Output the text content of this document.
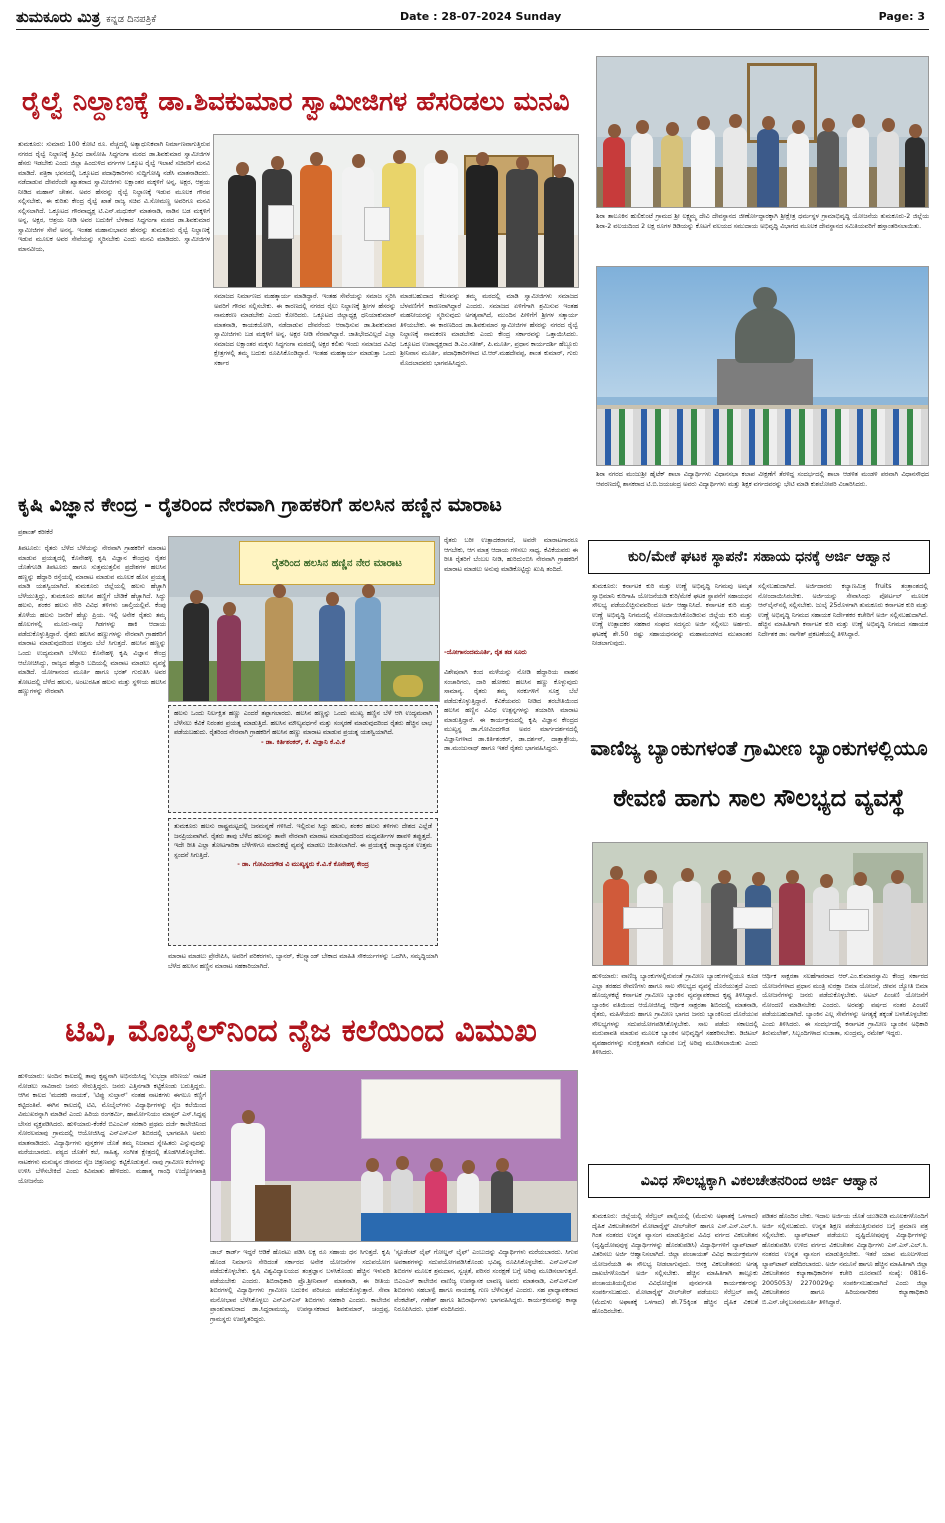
ತುಮಕೂರು ಮಿತ್ರ ಕನ್ನಡ ದಿನಪತ್ರಿಕೆ	Date : 28-07-2024 Sunday	Page: 3
ರೈಲ್ವೆ ನಿಲ್ದಾಣಕ್ಕೆ ಡಾ.ಶಿವಕುಮಾರ ಸ್ವಾಮೀಜಿಗಳ ಹೆಸರಿಡಲು ಮನವಿ
ತುಮಕೂರು: ಸುಮಾರು 100 ಕೋಟಿ ರೂ. ವೆಚ್ಚದಲ್ಲಿ ಅತ್ಯಾಧುನಿಕವಾಗಿ ನಿರ್ಮಾಣವಾಗುತ್ತಿರುವ ನಗರದ ರೈಲ್ವೆ ನಿಲ್ದಾಣಕ್ಕೆ ತ್ರಿವಿಧ ದಾಸೋಹಿ ಸಿದ್ಧಗಂಗಾ ಮಠದ ಡಾ.ಶಿವಕುಮಾರ ಸ್ವಾಮೀಜಿಗಳ ಹೆಸರು ಇಡಬೇಕು ಎಂದು ಜಿಲ್ಲಾ ಹಿಂದುಳಿದ ವರ್ಗಗಳ ಒಕ್ಕೂಟ ರೈಲ್ವೆ ಇಲಾಖೆ ಸಚಿವರಿಗೆ ಮನವಿ ಮಾಡಿದೆ. ಪತ್ರಿಕಾ ಭವನದಲ್ಲಿ ಒಕ್ಕೂಟದ ಪದಾಧಿಕಾರಿಗಳು ಸುದ್ದಿಗೋಷ್ಠಿ ನಡೆಸಿ ಮಾತನಾಡಿದರು. ನಡೆದಾಡುವ ದೇವರೆಂದೇ ಖ್ಯಾತರಾದ ಸ್ವಾಮೀಜಿಗಳು ಲಕ್ಷಾಂತರ ಮಕ್ಕಳಿಗೆ ಅನ್ನ, ಅಕ್ಷರ, ಆಶ್ರಯ ನೀಡಿದ ಮಹಾನ್ ಚೇತನ. ಅವರ ಹೆಸರನ್ನು ರೈಲ್ವೆ ನಿಲ್ದಾಣಕ್ಕೆ ಇಡುವ ಮೂಲಕ ಗೌರವ ಸಲ್ಲಿಸಬೇಕು, ಈ ಕುರಿತು ಕೇಂದ್ರ ರೈಲ್ವೆ ಖಾತೆ ರಾಜ್ಯ ಸಚಿವ ವಿ.ಸೋಮಣ್ಣ ಅವರಿಗೂ ಮನವಿ ಸಲ್ಲಿಸಲಾಗಿದೆ. ಒಕ್ಕೂಟದ ಗೌರವಾಧ್ಯಕ್ಷ ಟಿ.ಎನ್.ಮಧುಕರ್ ಮಾತನಾಡಿ, ನಾಡಿನ ಬಡ ಮಕ್ಕಳಿಗೆ ಅನ್ನ, ಅಕ್ಷರ, ಆಶ್ರಯ ನೀಡಿ ಅವರ ಬದುಕಿಗೆ ಬೆಳಕಾದ ಸಿದ್ಧಗಂಗಾ ಮಠದ ಡಾ.ಶಿವಕುಮಾರ ಸ್ವಾಮೀಜಿಗಳ ಸೇವೆ ಅನನ್ಯ. ಇಂತಹ ಮಹಾನುಭಾವರ ಹೆಸರನ್ನು ತುಮಕೂರು ರೈಲ್ವೆ ನಿಲ್ದಾಣಕ್ಕೆ ಇಡುವ ಮೂಲಕ ಅವರ ಸೇವೆಯನ್ನು ಸ್ಮರಿಸಬೇಕು ಎಂದು ಮನವಿ ಮಾಡಿದರು. ಸ್ವಾಮೀಜಿಗಳ ಮಾನವೀಯ,
ಸಮಾಜದ ನಿರ್ಮಾಣದ ಮಹತ್ಕಾರ್ಯ ಮಾಡಿದ್ದಾರೆ. ಇಂತಹ ಸೇವೆಯನ್ನು ಸಮಾಜ ಸ್ಮರಿಸಿ ಅವರಿಗೆ ಗೌರವ ಸಲ್ಲಿಸಬೇಕು. ಈ ಕಾರಣದಲ್ಲಿ ನಗರದ ರೈಲು ನಿಲ್ದಾಣಕ್ಕೆ ಶ್ರೀಗಳ ಹೆಸರನ್ನು ನಾಮಕರಣ ಮಾಡಬೇಕು ಎಂದು ಕೋರಿದರು. ಒಕ್ಕೂಟದ ಜಿಲ್ಲಾಧ್ಯಕ್ಷ ಧನಿಯಾಕುಮಾರ್ ಮಾತನಾಡಿ, ಕಾಯಕಯೋಗಿ, ನಡೆದಾಡುವ ದೇವರೆಂದು ಆರಾಧಿಸುವ ಡಾ.ಶಿವಕುಮಾರ ಸ್ವಾಮೀಜಿಗಳು ಬಡ ಮಕ್ಕಳಿಗೆ ಅನ್ನ, ಅಕ್ಷರ ನೀಡಿ ನೆರವಾಗಿದ್ದಾರೆ. ಜಾತಿಭೇದವಿಲ್ಲದೆ ಎಲ್ಲಾ ಸಮಾಜದ ಲಕ್ಷಾಂತರ ಮಕ್ಕಳು ಸಿದ್ಧಗಂಗಾ ಮಠದಲ್ಲಿ ಅಕ್ಷರ ಕಲಿತು ಇಂದು ಸಮಾಜದ ವಿವಿಧ ಕ್ಷೇತ್ರಗಳಲ್ಲಿ ತಮ್ಮ ಬದುಕು ರೂಪಿಸಿಕೊಂಡಿದ್ದಾರೆ. ಇಂತಹ ಮಹತ್ಕಾರ್ಯ ಮಾಡುತ್ತಾ ಒಂದು ಸರ್ಕಾರ
ಮಾಡಬಹುದಾದ ಕೆಲಸವನ್ನು ತಮ್ಮ ಮಠದಲ್ಲಿ ಮಾಡಿ ಸ್ವಾಮೀಜಿಗಳು ಸಮಾಜದ ಬೆಳವಣಿಗೆಗೆ ಕಾರಣರಾಗಿದ್ದಾರೆ ಎಂದರು. ಸಮಾಜದ ಏಳಿಗೆಗಾಗಿ ಶ್ರಮಿಸುವ ಇಂತಹ ಮಹನೀಯರನ್ನು ಸ್ಮರಿಸುವುದು ಅಗತ್ಯವಾಗಿದೆ, ಮುಂದಿನ ಪೀಳಿಗೆಗೆ ಶ್ರೀಗಳ ಸತ್ಕಾರ್ಯ ತಿಳಿಯಬೇಕು. ಈ ಕಾರಣದಿಂದ ಡಾ.ಶಿವಕುಮಾರ ಸ್ವಾಮೀಜಿಗಳ ಹೆಸರನ್ನು ನಗರದ ರೈಲ್ವೆ ನಿಲ್ದಾಣಕ್ಕೆ ನಾಮಕರಣ ಮಾಡಬೇಕು ಎಂದು ಕೇಂದ್ರ ಸರ್ಕಾರವನ್ನು ಒತ್ತಾಯಿಸಿದರು. ಒಕ್ಕೂಟದ ಉಪಾಧ್ಯಕ್ಷರಾದ ಡಿ.ಎಂ.ಸತೀಶ್, ಪಿ.ಮೂರ್ತಿ, ಪ್ರಧಾನ ಕಾರ್ಯದರ್ಶಿ ಹೆಬ್ಬೂರು ಶ್ರೀನಿವಾಸ ಮೂರ್ತಿ, ಪದಾಧಿಕಾರಿಗಳಾದ ಟಿ.ಆರ್.ಮಹದೇವಪ್ಪ, ಶಾಂತ ಕುಮಾರ್, ಗುರು ಮೊದಲಾದವರು ಭಾಗವಹಿಸಿದ್ದರು.
ಶಿರಾ ತಾಲೂಕಿನ ಹುಲಿಕುಂಟೆ ಗ್ರಾಮದ ಶ್ರೀ ಲಕ್ಷ್ಮಮ್ಮ ದೇವಿ ದೇವಸ್ಥಾನದ ಜೀರ್ಣೋದ್ಧಾರಕ್ಕಾಗಿ ಶ್ರೀಕ್ಷೇತ್ರ ಧರ್ಮಸ್ಥಳ ಗ್ರಾಮಾಭಿವೃದ್ಧಿ ಯೋಜನೆಯ ತುಮಕೂರು-2 ಜಿಲ್ಲೆಯ ಶಿರಾ-2 ವಲಯದಿಂದ 2 ಲಕ್ಷ ರೂಗಳ ಡಿಡಿಯನ್ನು ಕೊಟಗೆ ವಲಯದ ಸಮುದಾಯ ಅಭಿವೃದ್ಧಿ ವಿಭಾಗದ ಮೂಲಕ ದೇವಸ್ಥಾನದ ಸಮಿತಿಯವರಿಗೆ ಹಸ್ತಾಂತರಿಸಲಾಯಿತು.
ಶಿರಾ ನಗರದ ಮಂಜುಶ್ರೀ ಹೈಟೆಕ್ ಶಾಲಾ ವಿದ್ಯಾರ್ಥಿಗಳು ವಿಧಾನಸಭಾ ಕಲಾಪ ವೀಕ್ಷಣೆಗೆ ತೆರಳಿದ್ದ ಸಂದರ್ಭದಲ್ಲಿ ಶಾಲಾ ಆಡಳಿತ ಮಂಡಳಿ ಪರವಾಗಿ ವಿಧಾನಸೌಧದ ಆವರಣದಲ್ಲಿ ಶಾಸಕರಾದ ಟಿ.ಬಿ.ಜಯಚಂದ್ರ ಅವರು ವಿದ್ಯಾರ್ಥಿಗಳು ಮತ್ತು ಶಿಕ್ಷಕ ವರ್ಗದವರನ್ನು ಭೇಟಿ ಮಾಡಿ ಕುಶಲೋಪರಿ ವಿಚಾರಿಸಿದರು.
ಕೃಷಿ ವಿಜ್ಞಾನ ಕೇಂದ್ರ - ರೈತರಿಂದ ನೇರವಾಗಿ ಗ್ರಾಹಕರಿಗೆ ಹಲಸಿನ ಹಣ್ಣಿನ ಮಾರಾಟ
ಪ್ರಶಾಂತ್ ಕರೀಕೆರೆ
ತಿಪಟೂರು: ರೈತರು ಬೆಳೆದ ಬೆಳೆಯನ್ನು ನೇರವಾಗಿ ಗ್ರಾಹಕರಿಗೆ ಮಾರಾಟ ಮಾಡುವ ಪ್ರಯತ್ನದಲ್ಲಿ ಕೊನೇಹಳ್ಳಿ ಕೃಷಿ ವಿಜ್ಞಾನ ಕೇಂದ್ರವು ರೈತರ ಜೊತೆಗೂಡಿ ತಿಪಟೂರು ಹಾಗೂ ಸುತ್ತಮುತ್ತಲಿನ ಪ್ರದೇಶಗಳ ಹಲಸಿನ ಹಣ್ಣನ್ನು ಹೆದ್ದಾರಿ ರಸ್ತೆಯಲ್ಲಿ ಮಾರಾಟ ಮಾಡುವ ಮೂಲಕ ಹೊಸ ಪ್ರಯತ್ನ ಮಾಡಿ ಯಶಸ್ವಿಯಾಗಿದೆ. ತುಮಕೂರು ಜಿಲ್ಲೆಯಲ್ಲಿ ಹಲಸು ಹೆಚ್ಚಾಗಿ ಬೆಳೆಯುತ್ತಿದ್ದು, ತುಮಕೂರು ಹಲಸಿನ ಹಣ್ಣಿಗೆ ಬೇಡಿಕೆ ಹೆಚ್ಚಾಗಿದೆ. ಸಿದ್ದು ಹಲಸು, ಶಂಕರ ಹಲಸು ಸೇರಿ ವಿವಿಧ ತಳಿಗಳು ಚಾಲ್ತಿಯಲ್ಲಿವೆ. ಕೆಂಪು ತೊಳೆಯ ಹಲಸು ಜನರಿಗೆ ಹೆಚ್ಚು ಪ್ರಿಯ. ಇಲ್ಲಿ ಅನೇಕ ರೈತರು ತಮ್ಮ ಹೊಲಗಳಲ್ಲಿ ಮೂರು-ನಾಲ್ಕು ಗಿಡಗಳನ್ನು ಹಾಕಿ ಆದಾಯ ಪಡೆದುಕೊಳ್ಳುತ್ತಿದ್ದಾರೆ. ರೈತರು ಹಲಸಿನ ಹಣ್ಣುಗಳನ್ನು ನೇರವಾಗಿ ಗ್ರಾಹಕರಿಗೆ ಮಾರಾಟ ಮಾಡುವುದರಿಂದ ಉತ್ತಮ ಬೆಲೆ ಸಿಗುತ್ತದೆ. ಹಲಸಿನ ಹಣ್ಣನ್ನು ಒಂದು ಉದ್ಯಮವಾಗಿ ಬೆಳೆಸಲು ಕೊನೇಹಳ್ಳಿ ಕೃಷಿ ವಿಜ್ಞಾನ ಕೇಂದ್ರ ಆಲೋಚಿಸಿದ್ದು, ರಾಜ್ಯದ ಹೆದ್ದಾರಿ ಬದಿಯಲ್ಲಿ ಮಾರಾಟ ಮಾಡಲು ವ್ಯವಸ್ಥೆ ಮಾಡಿದೆ. ಯೋಗಾನಂದ ಮೂರ್ತಿ ಹಾಗೂ ಭರತ್ ಗುರುತಿಸಿ ಅವರ ತೋಟದಲ್ಲಿ ಬೆಳೆದ ಹಲಸು, ಅಂಟುರಹಿತ ಹಲಸು ಮತ್ತು ಸ್ಥಳೀಯ ಹಲಸಿನ ಹಣ್ಣುಗಳನ್ನು ನೇರವಾಗಿ
ರೈತರಿಂದ ಹಲಸಿನ ಹಣ್ಣಿನ ನೇರ ಮಾರಾಟ
ರೈತರು ಬರೀ ಉತ್ಪಾದಕರಾಗದೆ, ಅವರೇ ಮಾರಾಟಗಾರರೂ ಆಗಬೇಕು, ಆಗ ಮಾತ್ರ ಆದಾಯ ಗಳಿಸಲು ಸಾಧ್ಯ. ಕೆವಿಕೆಯವರು ಈ ರೀತಿ ರೈತರಿಗೆ ಬೆಂಬಲ ನೀಡಿ, ಹುರಿದುಂಬಿಸಿ ನೇರವಾಗಿ ಗ್ರಾಹಕರಿಗೆ ಮಾರಾಟ ಮಾಡಲು ಅನುವು ಮಾಡಿಕೊಟ್ಟಿದ್ದು ಖುಷಿ ತಂದಿದೆ.
-ಯೋಗಾನಂದಮೂರ್ತಿ, ರೈತ ತಡ ಸೂರು
ಹಲಸು ಒಂದು ನಿರ್ಲಕ್ಷಿತ ಹಣ್ಣು ಎಂದರೆ ತಪ್ಪಾಗಲಾರದು. ಹಲಸಿನ ಹಣ್ಣನ್ನು ಒಂದು ಮುಖ್ಯ ಹಣ್ಣಿನ ಬೆಳೆ ಆಗಿ ಉದ್ಯಮವಾಗಿ ಬೆಳೆಸಲು ಕೆವಿಕೆ ನಿರಂತರ ಪ್ರಯತ್ನ ಮಾಡುತ್ತಿದೆ. ಹಲಸಿನ ಮೌಲ್ಯವರ್ಧನೆ ಮತ್ತು ಸಂಸ್ಕರಣೆ ಮಾಡುವುದರಿಂದ ರೈತರು ಹೆಚ್ಚಿನ ಲಾಭ ಪಡೆಯಬಹುದು. ರೈತರಿಂದ ನೇರವಾಗಿ ಗ್ರಾಹಕರಿಗೆ ಹಲಸಿನ ಹಣ್ಣು ಮಾರಾಟ ಮಾಡುವ ಪ್ರಯತ್ನ ಯಶಸ್ವಿಯಾಗಿದೆ.
- ಡಾ. ಕಿರ್ತಿಶಂಕರ್, ಕೆ. ವಿಜ್ಞಾನಿ ಕೆ.ವಿ.ಕೆ
ತುಮಕೂರು ಹಲಸು ರಾಷ್ಟ್ರಮಟ್ಟದಲ್ಲಿ ಜನಮನ್ನಣೆ ಗಳಿಸಿದೆ. ಇಲ್ಲಿರುವ ಸಿದ್ದು ಹಲಸು, ಶಂಕರ ಹಲಸು ತಳಿಗಳು ದೇಶದ ಎಲ್ಲೆಡೆ ಜನಪ್ರಿಯವಾಗಿವೆ. ರೈತರು ತಾವು ಬೆಳೆದ ಹಲಸನ್ನು ತಾವೇ ನೇರವಾಗಿ ಮಾರಾಟ ಮಾಡುವುದರಿಂದ ಮಧ್ಯವರ್ತಿಗಳ ಹಾವಳಿ ತಪ್ಪುತ್ತದೆ. ಇದೇ ರೀತಿ ಎಲ್ಲಾ ತೋಟಗಾರಿಕಾ ಬೆಳೆಗಳಿಗೂ ಮಾರುಕಟ್ಟೆ ವ್ಯವಸ್ಥೆ ಮಾಡಲು ಚಿಂತಿಸಲಾಗಿದೆ. ಈ ಪ್ರಯತ್ನಕ್ಕೆ ರಾಜ್ಯಾದ್ಯಂತ ಉತ್ತಮ ಸ್ಪಂದನೆ ಸಿಗುತ್ತಿದೆ.
- ಡಾ. ಗೋವಿಂದಗೌಡ ವಿ ಮುಖ್ಯಸ್ಥರು ಕೆ.ವಿ.ಕೆ ಕೊನೇಹಳ್ಳಿ ಕೇಂದ್ರ
ವಿಶೇಷವಾಗಿ ಕಂದ ಮಳೆಯನ್ನು ನೋಡಿ ಹೆದ್ದಾರಿಯ ವಾಹನ ಸಂಚಾರಿಗರು, ದಾರಿ ಹೋಕರು ಹಲಸಿನ ಹಣ್ಣು ಕೊಳ್ಳುವುದು ಸಾಮಾನ್ಯ. ರೈತರು ತಮ್ಮ ಸರಕುಗಳಿಗೆ ಸೂಕ್ತ ಬೆಲೆ ಪಡೆದುಕೊಳ್ಳುತ್ತಿದ್ದಾರೆ. ಕೆವಿಕೆಯವರು ನೀಡಿದ ತರಬೇತಿಯಿಂದ ಹಲಸಿನ ಹಣ್ಣಿನ ವಿವಿಧ ಉತ್ಪನ್ನಗಳನ್ನು ತಯಾರಿಸಿ ಮಾರಾಟ ಮಾಡುತ್ತಿದ್ದಾರೆ. ಈ ಕಾರ್ಯಕ್ರಮದಲ್ಲಿ ಕೃಷಿ ವಿಜ್ಞಾನ ಕೇಂದ್ರದ ಮುಖ್ಯಸ್ಥ ಡಾ.ಗೋವಿಂದಗೌಡ ಅವರ ಮಾರ್ಗದರ್ಶನದಲ್ಲಿ ವಿಜ್ಞಾನಿಗಳಾದ ಡಾ.ಕಿರ್ತಿಶಂಕರ್, ಡಾ.ದರ್ಶನ್, ದಾತ್ತಾತ್ರೇಯ, ಡಾ.ಮಂಜುನಾಥ್ ಹಾಗೂ ಇತರೆ ರೈತರು ಭಾಗವಹಿಸಿದ್ದರು.
ಮಾರಾಟ ಮಾಡಲು ಪ್ರೇರೇಪಿಸಿ, ಅವರಿಗೆ ಪರಿಕರಗಳು, ಬ್ಯಾನರ್, ಕೆಲಸ್ಟ್ಯಾಂಡ್ ಬೇಕಾದ ಮಾಹಿತಿ ಸೌಕರ್ಯಗಳನ್ನು ಒದಗಿಸಿ, ಸಮೃದ್ಧಿಯಾಗಿ ಬೆಳೆದ ಹಲಸಿನ ಹಣ್ಣಿನ ಮಾರಾಟ ಸಹಕಾರಿಯಾಗಿದೆ.
ಕುರಿ/ಮೇಕೆ ಘಟಕ ಸ್ಥಾಪನೆ: ಸಹಾಯ ಧನಕ್ಕೆ ಅರ್ಜಿ ಆಹ್ವಾನ
ತುಮಕೂರು: ಕರ್ನಾಟಕ ಕುರಿ ಮತ್ತು ಉಣ್ಣೆ ಅಭಿವೃದ್ಧಿ ನಿಗಮವು ಅಮೃತ ಸ್ವಾಭಿಮಾನಿ ಕುರಿಗಾಹಿ ಯೋಜನೆಯಡಿ ಕುರಿ/ಮೇಕೆ ಘಟಕ ಸ್ಥಾಪನೆಗೆ ಸಹಾಯಧನ ಸೌಲಭ್ಯ ಪಡೆಯಲಿಚ್ಛಿಸುವವರಿಂದ ಅರ್ಜಿ ಆಹ್ವಾನಿಸಿದೆ. ಕರ್ನಾಟಕ ಕುರಿ ಮತ್ತು ಉಣ್ಣೆ ಅಭಿವೃದ್ಧಿ ನಿಗಮದಲ್ಲಿ ನೋಂದಾಯಿಸಿಕೊಂಡಿರುವ ಜಿಲ್ಲೆಯ ಕುರಿ ಮತ್ತು ಉಣ್ಣೆ ಉತ್ಪಾದಕರ ಸಹಕಾರ ಸಂಘದ ಸದಸ್ಯರು ಅರ್ಜಿ ಸಲ್ಲಿಸಲು ಅರ್ಹರು. ಘಟಕಕ್ಕೆ ಶೇ.50 ರಷ್ಟು ಸಹಾಯಧನವನ್ನು ಮಹಾಮಂಡಳದ ಮುಖಾಂತರ ನೀಡಲಾಗುವುದು.
ಸಲ್ಲಿಸಬಹುದಾಗಿದೆ. ಅರ್ಜಿದಾರರು ಕಲ್ಯಾಣಮಿತ್ರ fruits ತಂತ್ರಾಂಶದಲ್ಲಿ ನೋಂದಾಯಿಸಿರಬೇಕು. ಅರ್ಜಿಯನ್ನು ಸೇವಾಸಿಂಧು ಪೋರ್ಟಲ್ ಮೂಲಕ ಆನ್‌ಲೈನ್‌ನಲ್ಲಿ ಸಲ್ಲಿಸಬೇಕು. ಜುಲೈ 25ರೊಳಗಾಗಿ ತುಮಕೂರು ಕರ್ನಾಟಕ ಕುರಿ ಮತ್ತು ಉಣ್ಣೆ ಅಭಿವೃದ್ಧಿ ನಿಗಮದ ಸಹಾಯಕ ನಿರ್ದೇಶಕರ ಕಚೇರಿಗೆ ಅರ್ಜಿ ಸಲ್ಲಿಸಬಹುದಾಗಿದೆ. ಹೆಚ್ಚಿನ ಮಾಹಿತಿಗಾಗಿ ಕರ್ನಾಟಕ ಕುರಿ ಮತ್ತು ಉಣ್ಣೆ ಅಭಿವೃದ್ಧಿ ನಿಗಮದ ಸಹಾಯಕ ನಿರ್ದೇಶಕ ಡಾ: ನಾಗೇಶ್ ಪ್ರಕಟಣೆಯಲ್ಲಿ ತಿಳಿಸಿದ್ದಾರೆ.
ವಾಣಿಜ್ಯ ಬ್ಯಾಂಕುಗಳಂತೆ ಗ್ರಾಮೀಣ ಬ್ಯಾಂಕುಗಳಲ್ಲಿಯೂ
ಠೇವಣಿ ಹಾಗು ಸಾಲ ಸೌಲಭ್ಯದ ವ್ಯವಸ್ಥೆ
ಹುಳಿಯಾರು: ವಾಣಿಜ್ಯ ಬ್ಯಾಂಕುಗಳಲ್ಲಿರುವಂತೆ ಗ್ರಾಮೀಣ ಬ್ಯಾಂಕುಗಳಲ್ಲಿಯೂ ಕೂಡ ಎಲ್ಲಾ ತರಹದ ಠೇವಣಿಗಳು ಹಾಗೂ ಸಾಲ ಸೌಲಭ್ಯದ ವ್ಯವಸ್ಥೆ ದೊರೆಯುತ್ತದೆ ಎಂದು ಹೊಯ್ಸಳಕಟ್ಟೆ ಕರ್ನಾಟಕ ಗ್ರಾಮೀಣ ಬ್ಯಾಂಕಿನ ವ್ಯವಸ್ಥಾಪಕರಾದ ಕೃಷ್ಣ ತಿಳಿಸಿದ್ದಾರೆ. ಬ್ಯಾಂಕಿನ ವತಿಯಿಂದ ಆಯೋಜಿಸಿದ್ದ ಆರ್ಥಿಕ ಸಾಕ್ಷರತಾ ಶಿಬಿರದಲ್ಲಿ ಮಾತನಾಡಿ, ರೈತರು, ಮಹಿಳೆಯರು ಹಾಗೂ ಗ್ರಾಮೀಣ ಭಾಗದ ಜನರು ಬ್ಯಾಂಕಿನಿಂದ ದೊರೆಯುವ ಸೌಲಭ್ಯಗಳನ್ನು ಸದುಪಯೋಗಪಡಿಸಿಕೊಳ್ಳಬೇಕು. ಸಾಲ ಪಡೆದು ಸಕಾಲದಲ್ಲಿ ಮರುಪಾವತಿ ಮಾಡುವ ಮೂಲಕ ಬ್ಯಾಂಕಿನ ಅಭಿವೃದ್ಧಿಗೆ ಸಹಕರಿಸಬೇಕು. ಡಿಜಿಟಲ್ ವ್ಯವಹಾರಗಳನ್ನು ಸುರಕ್ಷಿತವಾಗಿ ನಡೆಸುವ ಬಗ್ಗೆ ಅರಿವು ಮೂಡಿಸಲಾಯಿತು ಎಂದು ತಿಳಿಸಿದರು.
ಆರ್ಥಿಕ ಸಾಕ್ಷರತಾ ಸಲಹೆಗಾರರಾದ ಆರ್.ಎಂ.ಕುಮಾರಸ್ವಾಮಿ ಕೇಂದ್ರ ಸರ್ಕಾರದ ಯೋಜನೆಗಳಾದ ಪ್ರಧಾನ ಮಂತ್ರಿ ಸುರಕ್ಷಾ ಬಿಮಾ ಯೋಜನೆ, ಜೀವನ ಜ್ಯೋತಿ ಬಿಮಾ ಯೋಜನೆಗಳನ್ನು ಜನರು ಪಡೆದುಕೊಳ್ಳಬೇಕು. ಅಟಲ್ ಪಿಂಚಣಿ ಯೋಜನೆಗೆ ನೋಂದಣಿ ಮಾಡಿಸಬೇಕು ಎಂದರು. ಅರವತ್ತು ವರ್ಷದ ನಂತರ ಪಿಂಚಣಿ ಪಡೆಯಬಹುದಾಗಿದೆ. ಬ್ಯಾಂಕಿನ ಎಲ್ಲ ಸೇವೆಗಳನ್ನು ಅಗತ್ಯಕ್ಕೆ ತಕ್ಕಂತೆ ಬಳಸಿಕೊಳ್ಳಬೇಕು ಎಂದು ತಿಳಿಸಿದರು. ಈ ಸಂದರ್ಭದಲ್ಲಿ ಕರ್ನಾಟಕ ಗ್ರಾಮೀಣ ಬ್ಯಾಂಕಿನ ಅಧಿಕಾರಿ ತಿರುಮಲೇಶ್, ಸಿಬ್ಬಂದಿಗಳಾದ ಸುಜಾತಾ, ಸುಂದ್ರಮ್ಮ, ರಮೇಶ್ ಇದ್ದರು.
ಟಿವಿ, ಮೊಬೈಲ್‌ನಿಂದ ನೈಜ ಕಲೆಯಿಂದ ವಿಮುಖ
ಹುಳಿಯಾರು: ಅಂದಿನ ಕಾಲದಲ್ಲಿ ತಾವು ಕೃಷ್ಣನಾಗಿ ಅಭಿನಯಿಸಿದ್ದ 'ಸುಭದ್ರಾ ಪರಿಣಯ' ನಾಟಕ ನೋಡಲು ಸಾವಿರಾರು ಜನರು ಸೇರುತ್ತಿದ್ದರು. ಜನರು ಎತ್ತಿನಗಾಡಿ ಕಟ್ಟಿಕೊಂಡು ಬರುತ್ತಿದ್ದರು. ಆಗಿನ ಕಾಲದ 'ಮದಕರಿ ನಾಯಕ', 'ಟಿಪ್ಪು ಸುಲ್ತಾನ್' ನಂತಹ ನಾಟಕಗಳು ಈಗಲೂ ಕಣ್ಣಿಗೆ ಕಟ್ಟಿದಂತಿವೆ. ಈಗಿನ ಕಾಲದಲ್ಲಿ ಟಿವಿ, ಮೊಬೈಲ್‌ಗಳು ವಿದ್ಯಾರ್ಥಿಗಳನ್ನು ನೈಜ ಕಲೆಯಿಂದ ವಿಮುಖರನ್ನಾಗಿ ಮಾಡಿವೆ ಎಂದು ಹಿರಿಯ ರಂಗಕರ್ಮಿ, ಹಾರ್ಮೋನಿಯಂ ಮಾಸ್ಟರ್ ಎಸ್.ಸಿದ್ದಪ್ಪ ಬೇಸರ ವ್ಯಕ್ತಪಡಿಸಿದರು. ಹುಳಿಯಾರು-ಕೆಂಕೆರೆ ಬಿಎಂಎಸ್ ಸರಕಾರಿ ಪ್ರಥಮ ದರ್ಜೆ ಕಾಲೇಜಿನಿಂದ ಸೋರಲಮಾವು ಗ್ರಾಮದಲ್ಲಿ ಆಯೋಜಿಸಿದ್ದ ಎನ್‌ಎಸ್‌ಎಸ್ ಶಿಬಿರದಲ್ಲಿ ಭಾಗವಹಿಸಿ ಅವರು ಮಾತನಾಡಿದರು. ವಿದ್ಯಾರ್ಥಿಗಳು ಪುಸ್ತಕಗಳ ಜೊತೆ ತಮ್ಮ ನಿಜವಾದ ಸ್ನೇಹಿತರು ಎನ್ನುವುದನ್ನು ಮರೆಯಬಾರದು. ಪಠ್ಯದ ಜೊತೆಗೆ ಕಲೆ, ಸಾಹಿತ್ಯ, ಸಂಗೀತ ಕ್ಷೇತ್ರದಲ್ಲಿ ತೊಡಗಿಸಿಕೊಳ್ಳಬೇಕು. ನಾಟಕಗಳು ಮನುಷ್ಯನ ಜೀವನದ ನೈಜ ಚಿತ್ರಣವನ್ನು ಕಟ್ಟಿಕೊಡುತ್ತವೆ. ನಾವು ಗ್ರಾಮೀಣ ಕಲೆಗಳನ್ನು ಉಳಿಸಿ ಬೆಳೆಸಬೇಕಿದೆ ಎಂದು ಕಿವಿಮಾತು ಹೇಳಿದರು. ಮಹಾತ್ಮ ಗಾಂಧಿ ಉದ್ಯೋಗಖಾತ್ರಿ ಯೋಜನೆಯ
ಜಾಬ್ ಕಾರ್ಡ್ ಇದ್ದರೆ ಆಡಿಕೆ ಹೊರಟು ಪಡಿಸಿ ಲಕ್ಷ ರೂ ಸಹಾಯ ಧನ ಸಿಗುತ್ತದೆ. ಕೃಷಿ ಹೊಂಡ ನಿರ್ಮಾಣ ಸೇರಿದಂತೆ ಸರ್ಕಾರದ ಅನೇಕ ಯೋಜನೆಗಳ ಸದುಪಯೋಗ ಪಡೆದುಕೊಳ್ಳಬೇಕು. ಕೃಷಿ ವಿಶ್ವವಿದ್ಯಾಲಯದ ತಂತ್ರಜ್ಞಾನ ಬಳಸಿಕೊಂಡು ಹೆಚ್ಚಿನ ಇಳುವರಿ ಪಡೆಯಬೇಕು ಎಂದರು. ಶಿಬಿರಾಧಿಕಾರಿ ಪ್ರೊ.ಶ್ರೀನಿವಾಸ್ ಮಾತನಾಡಿ, ಈ ರೀತಿಯ ಶಿಬಿರಗಳಲ್ಲಿ ವಿದ್ಯಾರ್ಥಿಗಳು ಗ್ರಾಮೀಣ ಬದುಕಿನ ಪರಿಚಯ ಪಡೆದುಕೊಳ್ಳುತ್ತಾರೆ. ಸೇವಾ ಮನೋಭಾವ ಬೆಳೆಸಿಕೊಳ್ಳಲು ಎನ್‌ಎಸ್‌ಎಸ್ ಶಿಬಿರಗಳು ಸಹಕಾರಿ ಎಂದರು. ಕಾಲೇಜಿನ ಪ್ರಾಂಶುಪಾಲರಾದ ಡಾ.ಸಿದ್ದರಾಮಯ್ಯ, ಉಪನ್ಯಾಸಕರಾದ ಶಿವಕುಮಾರ್, ಚಂದ್ರಪ್ಪ, ಗ್ರಾಮಸ್ಥರು ಉಪಸ್ಥಿತರಿದ್ದರು.
'ಸ್ಟೂಡೆಂಟ್ ಲೈಫ್ ಗೋಲ್ಡನ್ ಲೈಫ್' ಎಂಬುದನ್ನು ವಿದ್ಯಾರ್ಥಿಗಳು ಮರೆಯಬಾರದು. ಸಿಗುವ ಅವಕಾಶಗಳನ್ನು ಸದುಪಯೋಗಪಡಿಸಿಕೊಂಡು ಭವಿಷ್ಯ ರೂಪಿಸಿಕೊಳ್ಳಬೇಕು. ಎನ್‌ಎಸ್‌ಎಸ್ ಶಿಬಿರಗಳ ಮೂಲಕ ಶ್ರಮದಾನ, ಸ್ವಚ್ಛತೆ, ಪರಿಸರ ಸಂರಕ್ಷಣೆ ಬಗ್ಗೆ ಅರಿವು ಮೂಡಿಸಲಾಗುತ್ತದೆ. ಬಿಎಂಎಸ್ ಕಾಲೇಜಿನ ವಾಣಿಜ್ಯ ಉಪನ್ಯಾಸಕ ಲಾವಣ್ಯ ಅವರು ಮಾತನಾಡಿ, ಎನ್‌ಎಸ್‌ಎಸ್ ಶಿಬಿರಗಳು ಸಹಬಾಳ್ವೆ ಹಾಗೂ ನಾಯಕತ್ವ ಗುಣ ಬೆಳೆಸುತ್ತವೆ ಎಂದರು. ಸಹ ಪ್ರಾಧ್ಯಾಪಕರಾದ ವೆಂಕಟೇಶ್, ಗಣೇಶ್ ಹಾಗೂ ಶಿಬಿರಾರ್ಥಿಗಳು ಭಾಗವಹಿಸಿದ್ದರು. ಕಾರ್ಯಕ್ರಮವನ್ನು ಕಾವ್ಯಾ ನಿರೂಪಿಸಿದರು. ಭರತ್ ವಂದಿಸಿದರು.
ವಿವಿಧ ಸೌಲಭ್ಯಕ್ಕಾಗಿ ವಿಕಲಚೇತನರಿಂದ ಅರ್ಜಿ ಆಹ್ವಾನ
ತುಮಕೂರು: ಜಿಲ್ಲೆಯಲ್ಲಿ ಸೆರೆಬ್ರಲ್ ಪಾಲ್ಸಿಯಲ್ಲಿ (ಮೆದುಳು ಅಘಾತಕ್ಕೆ ಒಳಗಾದ) ದೈಹಿಕ ವಿಕಲಚೇತನರಿಗೆ ಮೋಟಾರೈಸ್ಡ್ ವೀಲ್‌ಚೇರ್ ಹಾಗೂ ಎಸ್.ಎಸ್.ಎಲ್.ಸಿ. ಗಿಂತ ನಂತರದ ಉನ್ನತ ವ್ಯಾಸಂಗ ಮಾಡುತ್ತಿರುವ ವಿವಿಧ ವರ್ಗದ ವಿಕಲಚೇತನ (ದೃಷ್ಟಿದೋಷವುಳ್ಳ ವಿದ್ಯಾರ್ಥಿಗಳನ್ನು ಹೊರತುಪಡಿಸಿ) ವಿದ್ಯಾರ್ಥಿಗಳಿಗೆ ಲ್ಯಾಪ್‌ಟಾಪ್ ವಿತರಿಸಲು ಅರ್ಜಿ ಆಹ್ವಾನಿಸಲಾಗಿದೆ. ಜಿಲ್ಲಾ ಪಂಚಾಯತ್ ವಿವಿಧ ಕಾರ್ಯಕ್ರಮಗಳ ಯೋಜನೆಯಡಿ ಈ ಸೌಲಭ್ಯ ನೀಡಲಾಗುವುದು. ಆಸಕ್ತ ವಿಕಲಚೇತನರು ಅಗತ್ಯ ದಾಖಲೆಗಳೊಂದಿಗೆ ಅರ್ಜಿ ಸಲ್ಲಿಸಬೇಕು. ಹೆಚ್ಚಿನ ಮಾಹಿತಿಗಾಗಿ ತಾಲ್ಲೂಕು ಪಂಚಾಯತಿಯಲ್ಲಿರುವ ವಿವಿಧೋದ್ದೇಶ ಪುನರ್ವಸತಿ ಕಾರ್ಯಕರ್ತರನ್ನು ಸಂಪರ್ಕಿಸಬಹುದು. ಮೋಟಾರೈಸ್ಡ್ ವೀಲ್‌ಚೇರ್ ಪಡೆಯಲು ಸೆರೆಬ್ರಲ್ ಪಾಲ್ಸಿ (ಮೆದುಳು ಅಘಾತಕ್ಕೆ ಒಳಗಾದ) ಶೇ.75ಕ್ಕಿಂತ ಹೆಚ್ಚಿನ ದೈಹಿಕ ವಿಕಲತೆ ಹೊಂದಿರಬೇಕು.
ಪಡಿತರ ಹೊಂದಿರ ಬೇಕು. ಇದಾಲ ಅರ್ಜಿಯ ಜೊತೆ ಯುಡಿಐಡಿ ಮೂಲಕಗಳೊಂದಿಗೆ ಅರ್ಜಿ ಸಲ್ಲಿಸಬಹುದು. ಉನ್ನತ ಶಿಕ್ಷಣ ಪಡೆಯುತ್ತಿರುವವರ ಬಗ್ಗೆ ಪ್ರಮಾಣ ಪತ್ರ ಸಲ್ಲಿಸಬೇಕು. ಲ್ಯಾಪ್‌ಟಾಪ್ ಪಡೆಯಲು ದೃಷ್ಟಿದೋಷವುಳ್ಳ ವಿದ್ಯಾರ್ಥಿಗಳನ್ನು ಹೊರತುಪಡಿಸಿ ಉಳಿದ ವರ್ಗದ ವಿಕಲಚೇತನ ವಿದ್ಯಾರ್ಥಿಗಳು ಎಸ್.ಎಸ್.ಎಲ್.ಸಿ. ನಂತರದ ಉನ್ನತ ವ್ಯಾಸಂಗ ಮಾಡುತ್ತಿರಬೇಕು. ಇತರೆ ಯಾವ ಮೂಲಗಳಿಂದ ಲ್ಯಾಪ್‌ಟಾಪ್ ಪಡೆದಿರಬಾರದು. ಅರ್ಜಿ ನಮೂನೆ ಹಾಗೂ ಹೆಚ್ಚಿನ ಮಾಹಿತಿಗಾಗಿ ಜಿಲ್ಲಾ ವಿಕಲಚೇತನರ ಕಲ್ಯಾಣಾಧಿಕಾರಿಗಳ ಕಚೇರಿ ದೂರವಾಣಿ ಸಂಖ್ಯೆ: 0816-2005053/ 2270029ನ್ನು ಸಂಪರ್ಕಿಸಬಹುದಾಗಿದೆ ಎಂದು ಜಿಲ್ಲಾ ವಿಕಲಚೇತನರ ಹಾಗೂ ಹಿರಿಯನಾಗರಿಕರ ಕಲ್ಯಾಣಾಧಿಕಾರಿ ಬಿ.ಎಸ್.ಚೆನ್ನಬಸವಮೂರ್ತಿ ತಿಳಿಸಿದ್ದಾರೆ.
